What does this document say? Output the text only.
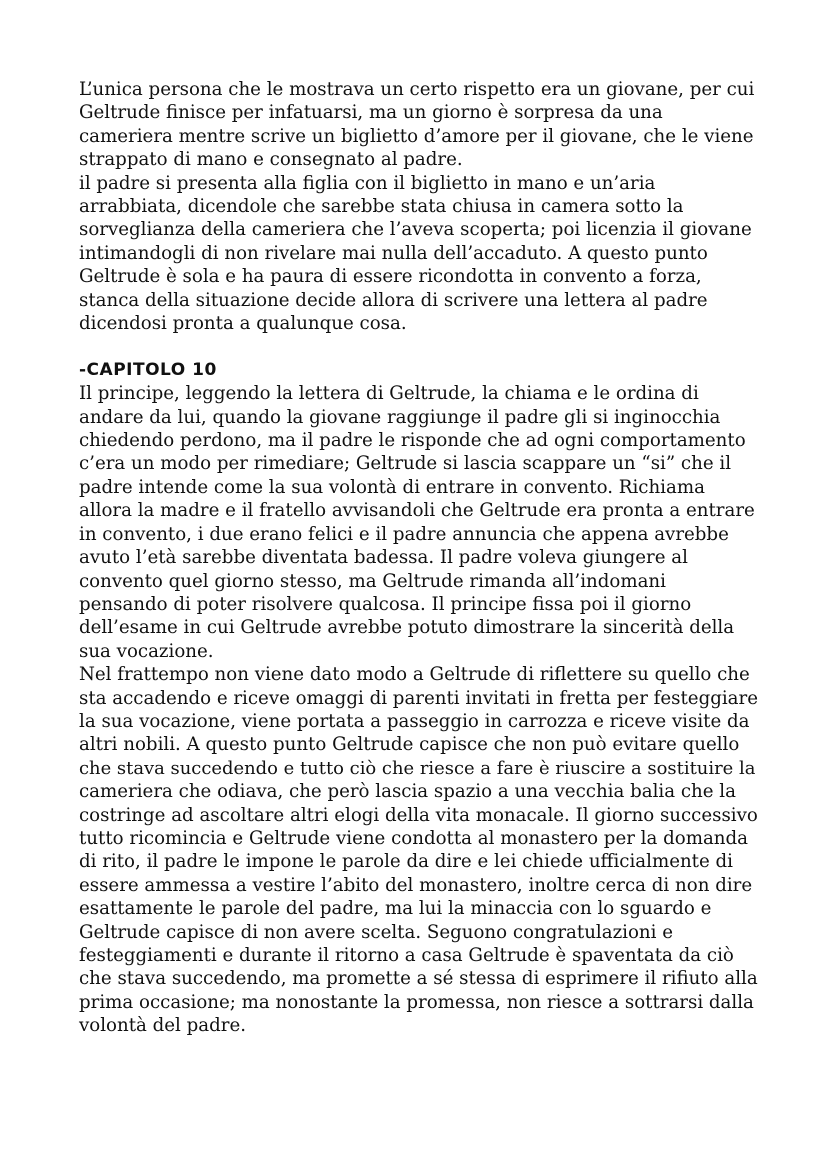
L’unica persona che le mostrava un certo rispetto era un giovane, per cui
Geltrude finisce per infatuarsi, ma un giorno è sorpresa da una
cameriera mentre scrive un biglietto d’amore per il giovane, che le viene
strappato di mano e consegnato al padre.
il padre si presenta alla figlia con il biglietto in mano e un’aria
arrabbiata, dicendole che sarebbe stata chiusa in camera sotto la
sorveglianza della cameriera che l’aveva scoperta; poi licenzia il giovane
intimandogli di non rivelare mai nulla dell’accaduto. A questo punto
Geltrude è sola e ha paura di essere ricondotta in convento a forza,
stanca della situazione decide allora di scrivere una lettera al padre
dicendosi pronta a qualunque cosa.
-CAPITOLO 10
Il principe, leggendo la lettera di Geltrude, la chiama e le ordina di
andare da lui, quando la giovane raggiunge il padre gli si inginocchia
chiedendo perdono, ma il padre le risponde che ad ogni comportamento
c’era un modo per rimediare; Geltrude si lascia scappare un “si” che il
padre intende come la sua volontà di entrare in convento. Richiama
allora la madre e il fratello avvisandoli che Geltrude era pronta a entrare
in convento, i due erano felici e il padre annuncia che appena avrebbe
avuto l’età sarebbe diventata badessa. Il padre voleva giungere al
convento quel giorno stesso, ma Geltrude rimanda all’indomani
pensando di poter risolvere qualcosa. Il principe fissa poi il giorno
dell’esame in cui Geltrude avrebbe potuto dimostrare la sincerità della
sua vocazione.
Nel frattempo non viene dato modo a Geltrude di riflettere su quello che
sta accadendo e riceve omaggi di parenti invitati in fretta per festeggiare
la sua vocazione, viene portata a passeggio in carrozza e riceve visite da
altri nobili. A questo punto Geltrude capisce che non può evitare quello
che stava succedendo e tutto ciò che riesce a fare è riuscire a sostituire la
cameriera che odiava, che però lascia spazio a una vecchia balia che la
costringe ad ascoltare altri elogi della vita monacale. Il giorno successivo
tutto ricomincia e Geltrude viene condotta al monastero per la domanda
di rito, il padre le impone le parole da dire e lei chiede ufficialmente di
essere ammessa a vestire l’abito del monastero, inoltre cerca di non dire
esattamente le parole del padre, ma lui la minaccia con lo sguardo e
Geltrude capisce di non avere scelta. Seguono congratulazioni e
festeggiamenti e durante il ritorno a casa Geltrude è spaventata da ciò
che stava succedendo, ma promette a sé stessa di esprimere il rifiuto alla
prima occasione; ma nonostante la promessa, non riesce a sottrarsi dalla
volontà del padre.
